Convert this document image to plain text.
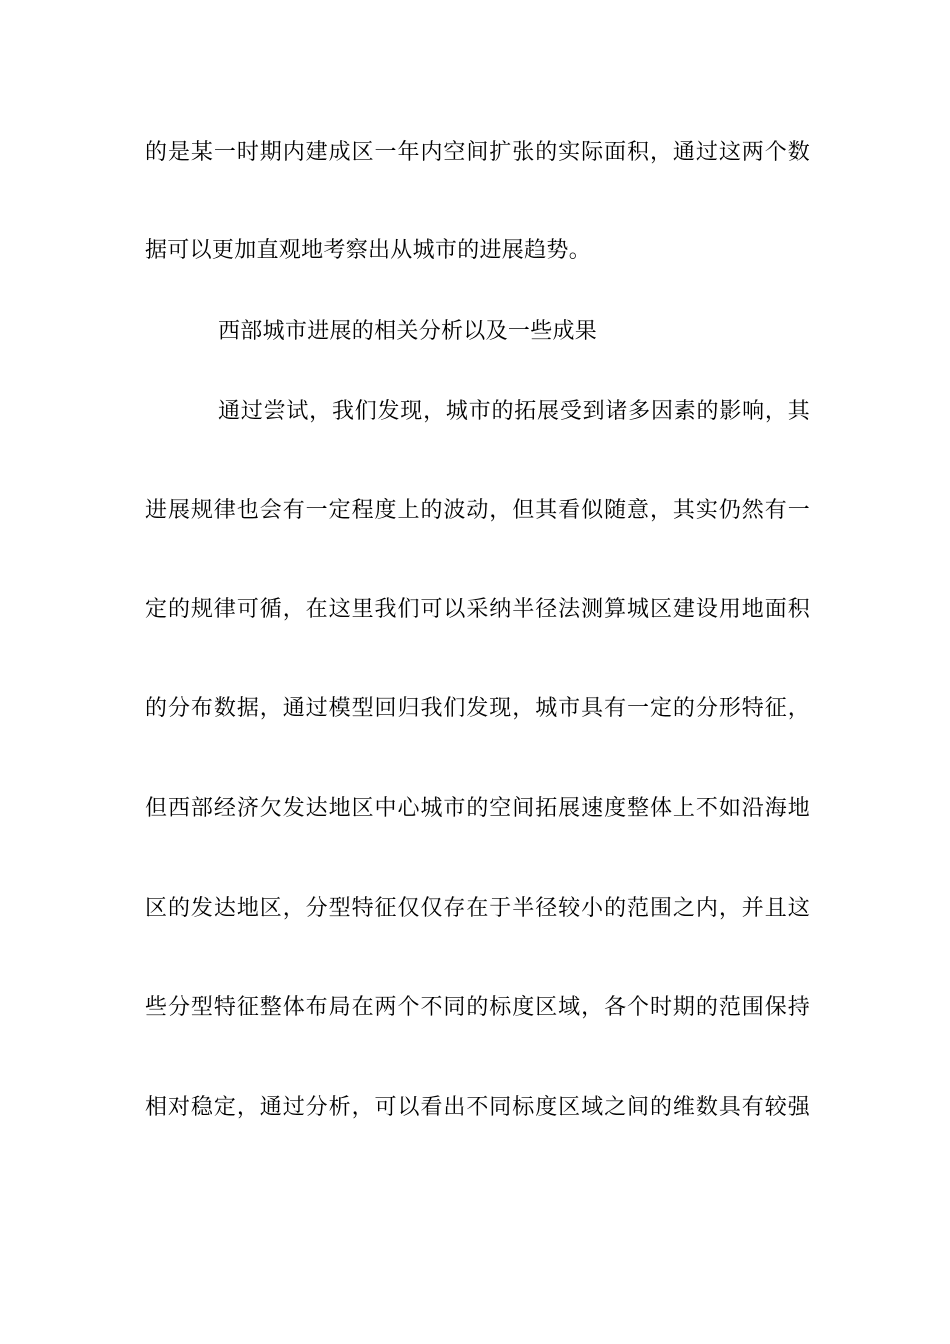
的是某一时期内建成区一年内空间扩张的实际面积，通过这两个数
据可以更加直观地考察出从城市的进展趋势。
西部城市进展的相关分析以及一些成果
通过尝试，我们发现，城市的拓展受到诸多因素的影响，其
进展规律也会有一定程度上的波动，但其看似随意，其实仍然有一
定的规律可循，在这里我们可以采纳半径法测算城区建设用地面积
的分布数据，通过模型回归我们发现，城市具有一定的分形特征，
但西部经济欠发达地区中心城市的空间拓展速度整体上不如沿海地
区的发达地区，分型特征仅仅存在于半径较小的范围之内，并且这
些分型特征整体布局在两个不同的标度区域，各个时期的范围保持
相对稳定，通过分析，可以看出不同标度区域之间的维数具有较强
